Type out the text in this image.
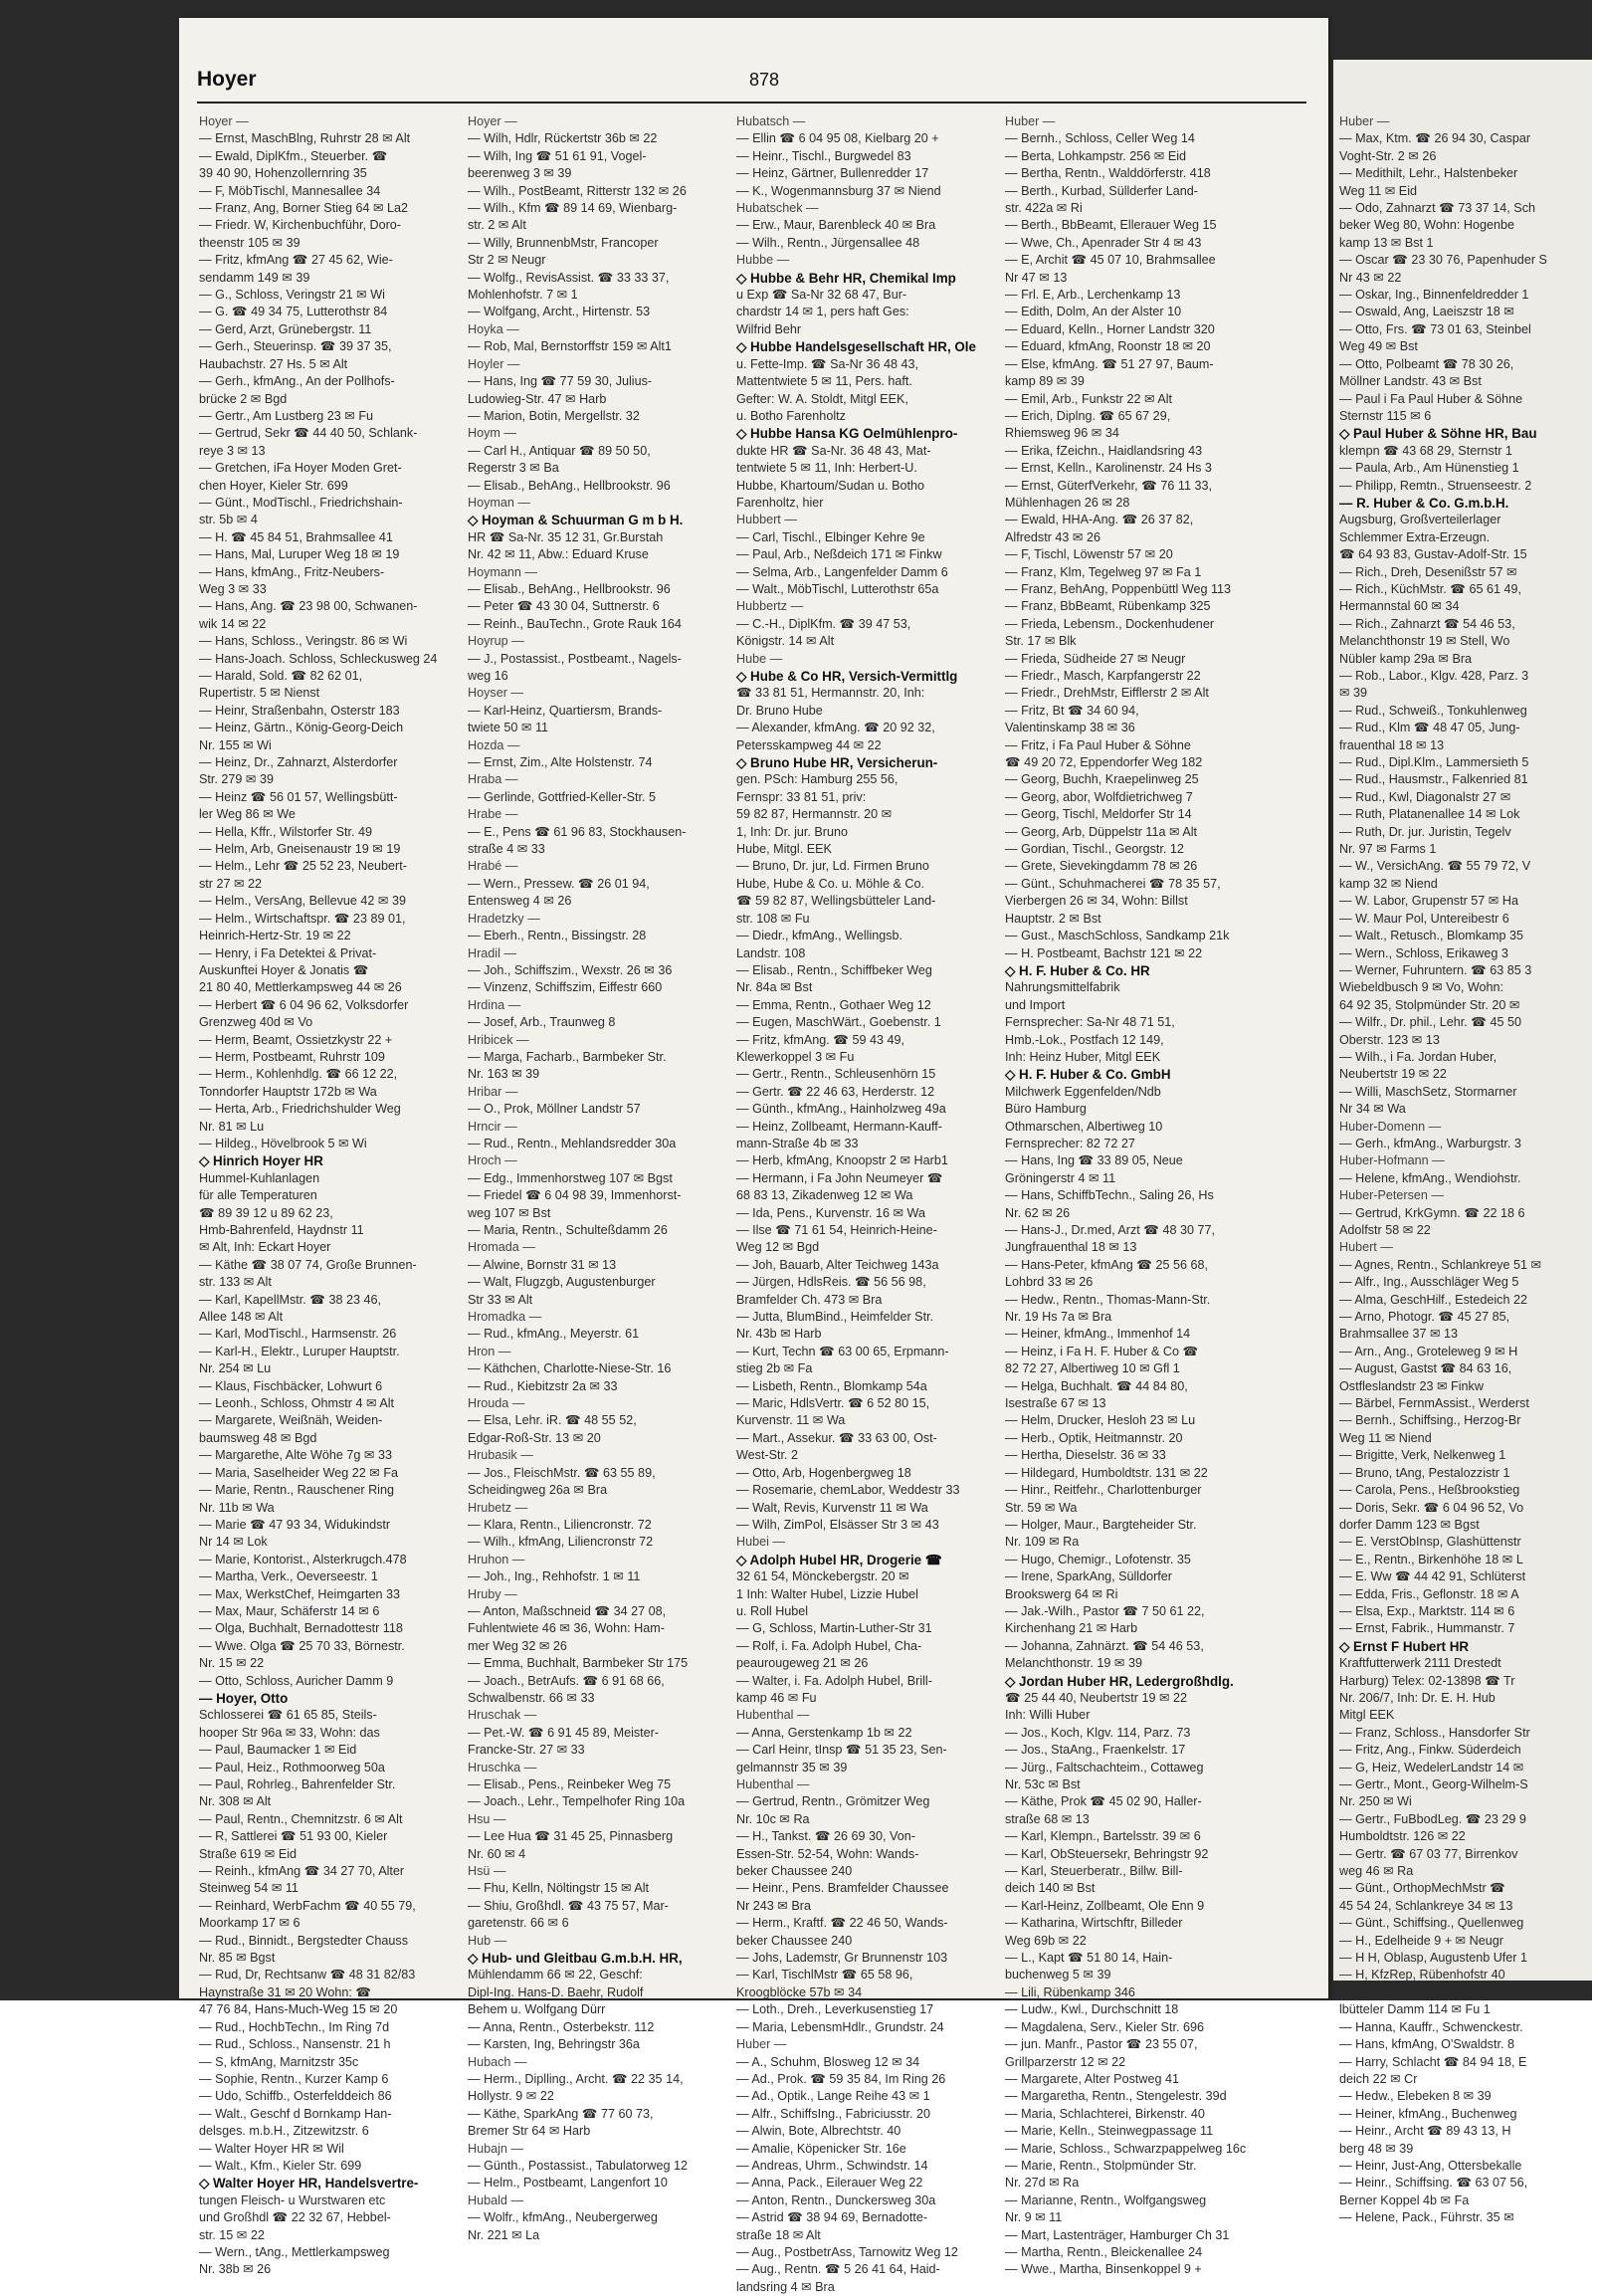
Hoyer	878
Hoyer —
— Ernst, MaschBlng, Ruhrstr 28 ✉ Alt
— Ewald, DiplKfm., Steuerber. ☎
39 40 90, Hohenzollernring 35
— F, MöbTischl, Mannesallee 34
— Franz, Ang, Borner Stieg 64 ✉ La2
— Friedr. W, Kirchenbuchführ, Doro-
theenstr 105 ✉ 39
— Fritz, kfmAng ☎ 27 45 62, Wie-
sendamm 149 ✉ 39
— G., Schloss, Veringstr 21 ✉ Wi
— G. ☎ 49 34 75, Lutterothstr 84
— Gerd, Arzt, Grünebergstr. 11
— Gerh., Steuerinsp. ☎ 39 37 35,
Haubachstr. 27 Hs. 5 ✉ Alt
— Gerh., kfmAng., An der Pollhofs-
brücke 2 ✉ Bgd
— Gertr., Am Lustberg 23 ✉ Fu
— Gertrud, Sekr ☎ 44 40 50, Schlank-
reye 3 ✉ 13
— Gretchen, iFa Hoyer Moden Gret-
chen Hoyer, Kieler Str. 699
— Günt., ModTischl., Friedrichshain-
str. 5b ✉ 4
— H. ☎ 45 84 51, Brahmsallee 41
— Hans, Mal, Luruper Weg 18 ✉ 19
— Hans, kfmAng., Fritz-Neubers-
Weg 3 ✉ 33
— Hans, Ang. ☎ 23 98 00, Schwanen-
wik 14 ✉ 22
— Hans, Schloss., Veringstr. 86 ✉ Wi
— Hans-Joach. Schloss, Schleckusweg 24
— Harald, Sold. ☎ 82 62 01,
Rupertistr. 5 ✉ Nienst
— Heinr, Straßenbahn, Osterstr 183
— Heinz, Gärtn., König-Georg-Deich
Nr. 155 ✉ Wi
— Heinz, Dr., Zahnarzt, Alsterdorfer
Str. 279 ✉ 39
— Heinz ☎ 56 01 57, Wellingsbütt-
ler Weg 86 ✉ We
— Hella, Kffr., Wilstorfer Str. 49
— Helm, Arb, Gneisenaustr 19 ✉ 19
— Helm., Lehr ☎ 25 52 23, Neubert-
str 27 ✉ 22
— Helm., VersAng, Bellevue 42 ✉ 39
— Helm., Wirtschaftspr. ☎ 23 89 01,
Heinrich-Hertz-Str. 19 ✉ 22
— Henry, i Fa Detektei & Privat-
Auskunftei Hoyer & Jonatis ☎
21 80 40, Mettlerkampsweg 44 ✉ 26
— Herbert ☎ 6 04 96 62, Volksdorfer
Grenzweg 40d ✉ Vo
— Herm, Beamt, Ossietzkystr 22 +
— Herm, Postbeamt, Ruhrstr 109
— Herm., Kohlenhdlg. ☎ 66 12 22,
Tonndorfer Hauptstr 172b ✉ Wa
— Herta, Arb., Friedrichshulder Weg
Nr. 81 ✉ Lu
— Hildeg., Hövelbrook 5 ✉ Wi
◇ Hinrich Hoyer HR
Hummel-Kuhlanlagen
für alle Temperaturen
☎ 89 39 12 u 89 62 23,
Hmb-Bahrenfeld, Haydnstr 11
✉ Alt, Inh: Eckart Hoyer
— Käthe ☎ 38 07 74, Große Brunnen-
str. 133 ✉ Alt
— Karl, KapellMstr. ☎ 38 23 46,
Allee 148 ✉ Alt
— Karl, ModTischl., Harmsenstr. 26
— Karl-H., Elektr., Luruper Hauptstr.
Nr. 254 ✉ Lu
— Klaus, Fischbäcker, Lohwurt 6
— Leonh., Schloss, Ohmstr 4 ✉ Alt
— Margarete, Weißnäh, Weiden-
baumsweg 48 ✉ Bgd
— Margarethe, Alte Wöhe 7g ✉ 33
— Maria, Saselheider Weg 22 ✉ Fa
— Marie, Rentn., Rauschener Ring
Nr. 11b ✉ Wa
— Marie ☎ 47 93 34, Widukindstr
Nr 14 ✉ Lok
— Marie, Kontorist., Alsterkrugch.478
— Martha, Verk., Oeverseestr. 1
— Max, WerkstChef, Heimgarten 33
— Max, Maur, Schäferstr 14 ✉ 6
— Olga, Buchhalt, Bernadottestr 118
— Wwe. Olga ☎ 25 70 33, Börnestr.
Nr. 15 ✉ 22
— Otto, Schloss, Auricher Damm 9
— Hoyer, Otto
Schlosserei ☎ 61 65 85, Steils-
hooper Str 96a ✉ 33, Wohn: das
— Paul, Baumacker 1 ✉ Eid
— Paul, Heiz., Rothmoorweg 50a
— Paul, Rohrleg., Bahrenfelder Str.
Nr. 308 ✉ Alt
— Paul, Rentn., Chemnitzstr. 6 ✉ Alt
— R, Sattlerei ☎ 51 93 00, Kieler
Straße 619 ✉ Eid
— Reinh., kfmAng ☎ 34 27 70, Alter
Steinweg 54 ✉ 11
— Reinhard, WerbFachm ☎ 40 55 79,
Moorkamp 17 ✉ 6
— Rud., Binnidt., Bergstedter Chauss
Nr. 85 ✉ Bgst
— Rud, Dr, Rechtsanw ☎ 48 31 82/83
Haynstraße 31 ✉ 20 Wohn: ☎
47 76 84, Hans-Much-Weg 15 ✉ 20
— Rud., HochbTechn., Im Ring 7d
— Rud., Schloss., Nansenstr. 21 h
— S, kfmAng, Marnitzstr 35c
— Sophie, Rentn., Kurzer Kamp 6
— Udo, Schiffb., Osterfelddeich 86
— Walt., Geschf d Bornkamp Han-
delsges. m.b.H., Zitzewitzstr. 6
— Walter Hoyer HR ✉ Wil
— Walt., Kfm., Kieler Str. 699
◇ Walter Hoyer HR, Handelsvertre-
tungen Fleisch- u Wurstwaren etc
und Großhdl ☎ 22 32 67, Hebbel-
str. 15 ✉ 22
— Wern., tAng., Mettlerkampsweg
Nr. 38b ✉ 26
Hoyer —
— Wilh, Hdlr, Rückertstr 36b ✉ 22
— Wilh, Ing ☎ 51 61 91, Vogel-
beerenweg 3 ✉ 39
— Wilh., PostBeamt, Ritterstr 132 ✉ 26
— Wilh., Kfm ☎ 89 14 69, Wienbarg-
str. 2 ✉ Alt
— Willy, BrunnenbMstr, Francoper
Str 2 ✉ Neugr
— Wolfg., RevisAssist. ☎ 33 33 37,
Mohlenhofstr. 7 ✉ 1
— Wolfgang, Archt., Hirtenstr. 53
Hoyka —
— Rob, Mal, Bernstorffstr 159 ✉ Alt1
Hoyler —
— Hans, Ing ☎ 77 59 30, Julius-
Ludowieg-Str. 47 ✉ Harb
— Marion, Botin, Mergellstr. 32
Hoym —
— Carl H., Antiquar ☎ 89 50 50,
Regerstr 3 ✉ Ba
— Elisab., BehAng., Hellbrookstr. 96
Hoyman —
◇ Hoyman & Schuurman G m b H.
HR ☎ Sa-Nr. 35 12 31, Gr.Burstah
Nr. 42 ✉ 11, Abw.: Eduard Kruse
Hoymann —
— Elisab., BehAng., Hellbrookstr. 96
— Peter ☎ 43 30 04, Suttnerstr. 6
— Reinh., BauTechn., Grote Rauk 164
Hoyrup —
— J., Postassist., Postbeamt., Nagels-
weg 16
Hoyser —
— Karl-Heinz, Quartiersm, Brands-
twiete 50 ✉ 11
Hozda —
— Ernst, Zim., Alte Holstenstr. 74
Hraba —
— Gerlinde, Gottfried-Keller-Str. 5
Hrabe —
— E., Pens ☎ 61 96 83, Stockhausen-
straße 4 ✉ 33
Hrabé —
— Wern., Pressew. ☎ 26 01 94,
Entensweg 4 ✉ 26
Hradetzky —
— Eberh., Rentn., Bissingstr. 28
Hradil —
— Joh., Schiffszim., Wexstr. 26 ✉ 36
— Vinzenz, Schiffszim, Eiffestr 660
Hrdina —
— Josef, Arb., Traunweg 8
Hribicek —
— Marga, Facharb., Barmbeker Str.
Nr. 163 ✉ 39
Hribar —
— O., Prok, Möllner Landstr 57
Hrncir —
— Rud., Rentn., Mehlandsredder 30a
Hroch —
— Edg., Immenhorstweg 107 ✉ Bgst
— Friedel ☎ 6 04 98 39, Immenhorst-
weg 107 ✉ Bst
— Maria, Rentn., Schulteßdamm 26
Hromada —
— Alwine, Bornstr 31 ✉ 13
— Walt, Flugzgb, Augustenburger
Str 33 ✉ Alt
Hromadka —
— Rud., kfmAng., Meyerstr. 61
Hron —
— Käthchen, Charlotte-Niese-Str. 16
— Rud., Kiebitzstr 2a ✉ 33
Hrouda —
— Elsa, Lehr. iR. ☎ 48 55 52,
Edgar-Roß-Str. 13 ✉ 20
Hrubasik —
— Jos., FleischMstr. ☎ 63 55 89,
Scheidingweg 26a ✉ Bra
Hrubetz —
— Klara, Rentn., Liliencronstr. 72
— Wilh., kfmAng, Liliencronstr 72
Hruhon —
— Joh., Ing., Rehhofstr. 1 ✉ 11
Hruby —
— Anton, Maßschneid ☎ 34 27 08,
Fuhlentwiete 46 ✉ 36, Wohn: Ham-
mer Weg 32 ✉ 26
— Emma, Buchhalt, Barmbeker Str 175
— Joach., BetrAufs. ☎ 6 91 68 66,
Schwalbenstr. 66 ✉ 33
Hruschak —
— Pet.-W. ☎ 6 91 45 89, Meister-
Francke-Str. 27 ✉ 33
Hruschka —
— Elisab., Pens., Reinbeker Weg 75
— Joach., Lehr., Tempelhofer Ring 10a
Hsu —
— Lee Hua ☎ 31 45 25, Pinnasberg
Nr. 60 ✉ 4
Hsü —
— Fhu, Kelln, Nöltingstr 15 ✉ Alt
— Shiu, Großhdl. ☎ 43 75 57, Mar-
garetenstr. 66 ✉ 6
Hub —
◇ Hub- und Gleitbau G.m.b.H. HR,
Mühlendamm 66 ✉ 22, Geschf:
Dipl-Ing. Hans-D. Baehr, Rudolf
Behem u. Wolfgang Dürr
— Anna, Rentn., Osterbekstr. 112
— Karsten, Ing, Behringstr 36a
Hubach —
— Herm., Diplling., Archt. ☎ 22 35 14,
Hollystr. 9 ✉ 22
— Käthe, SparkAng ☎ 77 60 73,
Bremer Str 64 ✉ Harb
Hubajn —
— Günth., Postassist., Tabulatorweg 12
— Helm., Postbeamt, Langenfort 10
Hubald —
— Wolfr., kfmAng., Neubergerweg
Nr. 221 ✉ La
Hubatsch —
— Ellin ☎ 6 04 95 08, Kielbarg 20 +
— Heinr., Tischl., Burgwedel 83
— Heinz, Gärtner, Bullenredder 17
— K., Wogenmannsburg 37 ✉ Niend
Hubatschek —
— Erw., Maur, Barenbleck 40 ✉ Bra
— Wilh., Rentn., Jürgensallee 48
Hubbe —
◇ Hubbe & Behr HR, Chemikal Imp
u Exp ☎ Sa-Nr 32 68 47, Bur-
chardstr 14 ✉ 1, pers haft Ges:
Wilfrid Behr
◇ Hubbe Handelsgesellschaft HR, Ole
u. Fette-Imp. ☎ Sa-Nr 36 48 43,
Mattentwiete 5 ✉ 11, Pers. haft.
Gefter: W. A. Stoldt, Mitgl EEK,
u. Botho Farenholtz
◇ Hubbe Hansa KG Oelmühlenpro-
dukte HR ☎ Sa-Nr. 36 48 43, Mat-
tentwiete 5 ✉ 11, Inh: Herbert-U.
Hubbe, Khartoum/Sudan u. Botho
Farenholtz, hier
Hubbert —
— Carl, Tischl., Elbinger Kehre 9e
— Paul, Arb., Neßdeich 171 ✉ Finkw
— Selma, Arb., Langenfelder Damm 6
— Walt., MöbTischl, Lutterothstr 65a
Hubbertz —
— C.-H., DiplKfm. ☎ 39 47 53,
Königstr. 14 ✉ Alt
Hube —
◇ Hube & Co HR, Versich-Vermittlg
☎ 33 81 51, Hermannstr. 20, Inh:
Dr. Bruno Hube
— Alexander, kfmAng. ☎ 20 92 32,
Petersskampweg 44 ✉ 22
◇ Bruno Hube HR, Versicherun-
gen. PSch: Hamburg 255 56,
Fernspr: 33 81 51, priv:
59 82 87, Hermannstr. 20 ✉
1, Inh: Dr. jur. Bruno
Hube, Mitgl. EEK
— Bruno, Dr. jur, Ld. Firmen Bruno
Hube, Hube & Co. u. Möhle & Co.
☎ 59 82 87, Wellingsbütteler Land-
str. 108 ✉ Fu
— Diedr., kfmAng., Wellingsb.
Landstr. 108
— Elisab., Rentn., Schiffbeker Weg
Nr. 84a ✉ Bst
— Emma, Rentn., Gothaer Weg 12
— Eugen, MaschWärt., Goebenstr. 1
— Fritz, kfmAng. ☎ 59 43 49,
Klewerkoppel 3 ✉ Fu
— Gertr., Rentn., Schleusenhörn 15
— Gertr. ☎ 22 46 63, Herderstr. 12
— Günth., kfmAng., Hainholzweg 49a
— Heinz, Zollbeamt, Hermann-Kauff-
mann-Straße 4b ✉ 33
— Herb, kfmAng, Knoopstr 2 ✉ Harb1
— Hermann, i Fa John Neumeyer ☎
68 83 13, Zikadenweg 12 ✉ Wa
— Ida, Pens., Kurvenstr. 16 ✉ Wa
— Ilse ☎ 71 61 54, Heinrich-Heine-
Weg 12 ✉ Bgd
— Joh, Bauarb, Alter Teichweg 143a
— Jürgen, HdlsReis. ☎ 56 56 98,
Bramfelder Ch. 473 ✉ Bra
— Jutta, BlumBind., Heimfelder Str.
Nr. 43b ✉ Harb
— Kurt, Techn ☎ 63 00 65, Erpmann-
stieg 2b ✉ Fa
— Lisbeth, Rentn., Blomkamp 54a
— Maric, HdlsVertr. ☎ 6 52 80 15,
Kurvenstr. 11 ✉ Wa
— Mart., Assekur. ☎ 33 63 00, Ost-
West-Str. 2
— Otto, Arb, Hogenbergweg 18
— Rosemarie, chemLabor, Weddestr 33
— Walt, Revis, Kurvenstr 11 ✉ Wa
— Wilh, ZimPol, Elsässer Str 3 ✉ 43
Hubei —
◇ Adolph Hubel HR, Drogerie ☎
32 61 54, Mönckebergstr. 20 ✉
1 Inh: Walter Hubel, Lizzie Hubel
u. Roll Hubel
— G, Schloss, Martin-Luther-Str 31
— Rolf, i. Fa. Adolph Hubel, Cha-
peaurougeweg 21 ✉ 26
— Walter, i. Fa. Adolph Hubel, Brill-
kamp 46 ✉ Fu
Hubenthal —
— Anna, Gerstenkamp 1b ✉ 22
— Carl Heinr, tInsp ☎ 51 35 23, Sen-
gelmannstr 35 ✉ 39
Hubenthal —
— Gertrud, Rentn., Grömitzer Weg
Nr. 10c ✉ Ra
— H., Tankst. ☎ 26 69 30, Von-
Essen-Str. 52-54, Wohn: Wands-
beker Chaussee 240
— Heinr., Pens. Bramfelder Chaussee
Nr 243 ✉ Bra
— Herm., Kraftf. ☎ 22 46 50, Wands-
beker Chaussee 240
— Johs, Lademstr, Gr Brunnenstr 103
— Karl, TischlMstr ☎ 65 58 96,
Kroogblöcke 57b ✉ 34
— Loth., Dreh., Leverkusenstieg 17
— Maria, LebensmHdlr., Grundstr. 24
Huber —
— A., Schuhm, Blosweg 12 ✉ 34
— Ad., Prok. ☎ 59 35 84, Im Ring 26
— Ad., Optik., Lange Reihe 43 ✉ 1
— Alfr., SchiffsIng., Fabriciusstr. 20
— Alwin, Bote, Albrechtstr. 40
— Amalie, Köpenicker Str. 16e
— Andreas, Uhrm., Schwindstr. 14
— Anna, Pack., Eilerauer Weg 22
— Anton, Rentn., Dunckersweg 30a
— Astrid ☎ 38 94 69, Bernadotte-
straße 18 ✉ Alt
— Aug., PostbetrAss, Tarnowitz Weg 12
— Aug., Rentn. ☎ 5 26 41 64, Haid-
landsring 4 ✉ Bra
Huber —
— Bernh., Schloss, Celler Weg 14
— Berta, Lohkampstr. 256 ✉ Eid
— Bertha, Rentn., Walddörferstr. 418
— Berth., Kurbad, Süllderfer Land-
str. 422a ✉ Ri
— Berth., BbBeamt, Ellerauer Weg 15
— Wwe, Ch., Apenrader Str 4 ✉ 43
— E, Archit ☎ 45 07 10, Brahmsallee
Nr 47 ✉ 13
— Frl. E, Arb., Lerchenkamp 13
— Edith, Dolm, An der Alster 10
— Eduard, Kelln., Horner Landstr 320
— Eduard, kfmAng, Roonstr 18 ✉ 20
— Else, kfmAng. ☎ 51 27 97, Baum-
kamp 89 ✉ 39
— Emil, Arb., Funkstr 22 ✉ Alt
— Erich, Diplng. ☎ 65 67 29,
Rhiemsweg 96 ✉ 34
— Erika, fZeichn., Haidlandsring 43
— Ernst, Kelln., Karolinenstr. 24 Hs 3
— Ernst, GüterfVerkehr, ☎ 76 11 33,
Mühlenhagen 26 ✉ 28
— Ewald, HHA-Ang. ☎ 26 37 82,
Alfredstr 43 ✉ 26
— F, Tischl, Löwenstr 57 ✉ 20
— Franz, Klm, Tegelweg 97 ✉ Fa 1
— Franz, BehAng, Poppenbüttl Weg 113
— Franz, BbBeamt, Rübenkamp 325
— Frieda, Lebensm., Dockenhudener
Str. 17 ✉ Blk
— Frieda, Südheide 27 ✉ Neugr
— Friedr., Masch, Karpfangerstr 22
— Friedr., DrehMstr, Eifflerstr 2 ✉ Alt
— Fritz, Bt ☎ 34 60 94,
Valentinskamp 38 ✉ 36
— Fritz, i Fa Paul Huber & Söhne
☎ 49 20 72, Eppendorfer Weg 182
— Georg, Buchh, Kraepelinweg 25
— Georg, abor, Wolfdietrichweg 7
— Georg, Tischl, Meldorfer Str 14
— Georg, Arb, Düppelstr 11a ✉ Alt
— Gordian, Tischl., Georgstr. 12
— Grete, Sievekingdamm 78 ✉ 26
— Günt., Schuhmacherei ☎ 78 35 57,
Vierbergen 26 ✉ 34, Wohn: Billst
Hauptstr. 2 ✉ Bst
— Gust., MaschSchloss, Sandkamp 21k
— H. Postbeamt, Bachstr 121 ✉ 22
◇ H. F. Huber & Co. HR
Nahrungsmittelfabrik
und Import
Fernsprecher: Sa-Nr 48 71 51,
Hmb.-Lok., Postfach 12 149,
Inh: Heinz Huber, Mitgl EEK
◇ H. F. Huber & Co. GmbH
Milchwerk Eggenfelden/Ndb
Büro Hamburg
Othmarschen, Albertiweg 10
Fernsprecher: 82 72 27
— Hans, Ing ☎ 33 89 05, Neue
Gröningerstr 4 ✉ 11
— Hans, SchiffbTechn., Saling 26, Hs
Nr. 62 ✉ 26
— Hans-J., Dr.med, Arzt ☎ 48 30 77,
Jungfrauenthal 18 ✉ 13
— Hans-Peter, kfmAng ☎ 25 56 68,
Lohbrd 33 ✉ 26
— Hedw., Rentn., Thomas-Mann-Str.
Nr. 19 Hs 7a ✉ Bra
— Heiner, kfmAng., Immenhof 14
— Heinz, i Fa H. F. Huber & Co ☎
82 72 27, Albertiweg 10 ✉ Gfl 1
— Helga, Buchhalt. ☎ 44 84 80,
Isestraße 67 ✉ 13
— Helm, Drucker, Hesloh 23 ✉ Lu
— Herb., Optik, Heitmannstr. 20
— Hertha, Dieselstr. 36 ✉ 33
— Hildegard, Humboldtstr. 131 ✉ 22
— Hinr., Reitfehr., Charlottenburger
Str. 59 ✉ Wa
— Holger, Maur., Bargteheider Str.
Nr. 109 ✉ Ra
— Hugo, Chemigr., Lofotenstr. 35
— Irene, SparkAng, Sülldorfer
Brookswerg 64 ✉ Ri
— Jak.-Wilh., Pastor ☎ 7 50 61 22,
Kirchenhang 21 ✉ Harb
— Johanna, Zahnärzt. ☎ 54 46 53,
Melanchthonstr. 19 ✉ 39
◇ Jordan Huber HR, Ledergroßhdlg.
☎ 25 44 40, Neubertstr 19 ✉ 22
Inh: Willi Huber
— Jos., Koch, Klgv. 114, Parz. 73
— Jos., StaAng., Fraenkelstr. 17
— Jürg., Faltschachteim., Cottaweg
Nr. 53c ✉ Bst
— Käthe, Prok ☎ 45 02 90, Haller-
straße 68 ✉ 13
— Karl, Klempn., Bartelsstr. 39 ✉ 6
— Karl, ObSteuersekr, Behringstr 92
— Karl, Steuerberatr., Billw. Bill-
deich 140 ✉ Bst
— Karl-Heinz, Zollbeamt, Ole Enn 9
— Katharina, Wirtschftr, Billeder
Weg 69b ✉ 22
— L., Kapt ☎ 51 80 14, Hain-
buchenweg 5 ✉ 39
— Lili, Rübenkamp 346
— Ludw., Kwl., Durchschnitt 18
— Magdalena, Serv., Kieler Str. 696
— jun. Manfr., Pastor ☎ 23 55 07,
Grillparzerstr 12 ✉ 22
— Margarete, Alter Postweg 41
— Margaretha, Rentn., Stengelestr. 39d
— Maria, Schlachterei, Birkenstr. 40
— Marie, Kelln., Steinwegpassage 11
— Marie, Schloss., Schwarzpappelweg 16c
— Marie, Rentn., Stolpmünder Str.
Nr. 27d ✉ Ra
— Marianne, Rentn., Wolfgangsweg
Nr. 9 ✉ 11
— Mart, Lastenträger, Hamburger Ch 31
— Martha, Rentn., Bleickenallee 24
— Wwe., Martha, Binsenkoppel 9 +
Huber —
— Max, Ktm. ☎ 26 94 30, Caspar
Voght-Str. 2 ✉ 26
— Medithilt, Lehr., Halstenbeker
Weg 11 ✉ Eid
— Odo, Zahnarzt ☎ 73 37 14, Sch
beker Weg 80, Wohn: Hogenbe
kamp 13 ✉ Bst 1
— Oscar ☎ 23 30 76, Papenhuder S
Nr 43 ✉ 22
— Oskar, Ing., Binnenfeldredder 1
— Oswald, Ang, Laeiszstr 18 ✉
— Otto, Frs. ☎ 73 01 63, Steinbel
Weg 49 ✉ Bst
— Otto, Polbeamt ☎ 78 30 26,
Möllner Landstr. 43 ✉ Bst
— Paul i Fa Paul Huber & Söhne
Sternstr 115 ✉ 6
◇ Paul Huber & Söhne HR, Bau
klempn ☎ 43 68 29, Sternstr 1
— Paula, Arb., Am Hünenstieg 1
— Philipp, Remtn., Struenseestr. 2
— R. Huber & Co. G.m.b.H.
Augsburg, Großverteilerlager
Schlemmer Extra-Erzeugn.
☎ 64 93 83, Gustav-Adolf-Str. 15
— Rich., Dreh, Desenißstr 57 ✉
— Rich., KüchMstr. ☎ 65 61 49,
Hermannstal 60 ✉ 34
— Rich., Zahnarzt ☎ 54 46 53,
Melanchthonstr 19 ✉ Stell, Wo
Nübler kamp 29a ✉ Bra
— Rob., Labor., Klgv. 428, Parz. 3
✉ 39
— Rud., Schweiß., Tonkuhlenweg
— Rud., Klm ☎ 48 47 05, Jung-
frauenthal 18 ✉ 13
— Rud., Dipl.Klm., Lammersieth 5
— Rud., Hausmstr., Falkenried 81
— Rud., Kwl, Diagonalstr 27 ✉
— Ruth, Platanenallee 14 ✉ Lok
— Ruth, Dr. jur. Juristin, Tegelv
Nr. 97 ✉ Farms 1
— W., VersichAng. ☎ 55 79 72, V
kamp 32 ✉ Niend
— W. Labor, Grupenstr 57 ✉ Ha
— W. Maur Pol, Untereibestr 6
— Walt., Retusch., Blomkamp 35
— Wern., Schloss, Erikaweg 3
— Werner, Fuhruntern. ☎ 63 85 3
Wiebeldbusch 9 ✉ Vo, Wohn:
64 92 35, Stolpmünder Str. 20 ✉
— Wilfr., Dr. phil., Lehr. ☎ 45 50
Oberstr. 123 ✉ 13
— Wilh., i Fa. Jordan Huber,
Neubertstr 19 ✉ 22
— Willi, MaschSetz, Stormarner
Nr 34 ✉ Wa
Huber-Domenn —
— Gerh., kfmAng., Warburgstr. 3
Huber-Hofmann —
— Helene, kfmAng., Wendiohstr.
Huber-Petersen —
— Gertrud, KrkGymn. ☎ 22 18 6
Adolfstr 58 ✉ 22
Hubert —
— Agnes, Rentn., Schlankreye 51 ✉
— Alfr., Ing., Ausschläger Weg 5
— Alma, GeschHilf., Estedeich 22
— Arno, Photogr. ☎ 45 27 85,
Brahmsallee 37 ✉ 13
— Arn., Ang., Groteleweg 9 ✉ H
— August, Gastst ☎ 84 63 16,
Ostfleslandstr 23 ✉ Finkw
— Bärbel, FernmAssist., Werderst
— Bernh., Schiffsing., Herzog-Br
Weg 11 ✉ Niend
— Brigitte, Verk, Nelkenweg 1
— Bruno, tAng, Pestalozzistr 1
— Carola, Pens., Heßbrookstieg
— Doris, Sekr. ☎ 6 04 96 52, Vo
dorfer Damm 123 ✉ Bgst
— E. VerstObInsp, Glashüttenstr
— E., Rentn., Birkenhöhe 18 ✉ L
— E. Ww ☎ 44 42 91, Schlüterst
— Edda, Fris., Geflonstr. 18 ✉ A
— Elsa, Exp., Marktstr. 114 ✉ 6
— Ernst, Fabrik., Hummanstr. 7
◇ Ernst F Hubert HR
Kraftfutterwerk 2111 Drestedt
Harburg) Telex: 02-13898 ☎ Tr
Nr. 206/7, Inh: Dr. E. H. Hub
Mitgl EEK
— Franz, Schloss., Hansdorfer Str
— Fritz, Ang., Finkw. Süderdeich
— G, Heiz, WedelerLandstr 14 ✉
— Gertr., Mont., Georg-Wilhelm-S
Nr. 250 ✉ Wi
— Gertr., FuBbodLeg. ☎ 23 29 9
Humboldtstr. 126 ✉ 22
— Gertr. ☎ 67 03 77, Birrenkov
weg 46 ✉ Ra
— Günt., OrthopMechMstr ☎
45 54 24, Schlankreye 34 ✉ 13
— Günt., Schiffsing., Quellenweg
— H., Edelheide 9 + ✉ Neugr
— H H, Oblasp, Augustenb Ufer 1
— H, KfzRep, Rübenhofstr 40
✉ Fu 1, Wohn: 59 59 57, Fuh
lbütteler Damm 114 ✉ Fu 1
— Hanna, Kauffr., Schwenckestr.
— Hans, kfmAng, O'Swaldstr. 8
— Harry, Schlacht ☎ 84 94 18, E
deich 22 ✉ Cr
— Hedw., Elebeken 8 ✉ 39
— Heiner, kfmAng., Buchenweg
— Heinr., Archt ☎ 89 43 13, H
berg 48 ✉ 39
— Heinr, Just-Ang, Ottersbekalle
— Heinr., Schiffsing. ☎ 63 07 56,
Berner Koppel 4b ✉ Fa
— Helene, Pack., Führstr. 35 ✉
